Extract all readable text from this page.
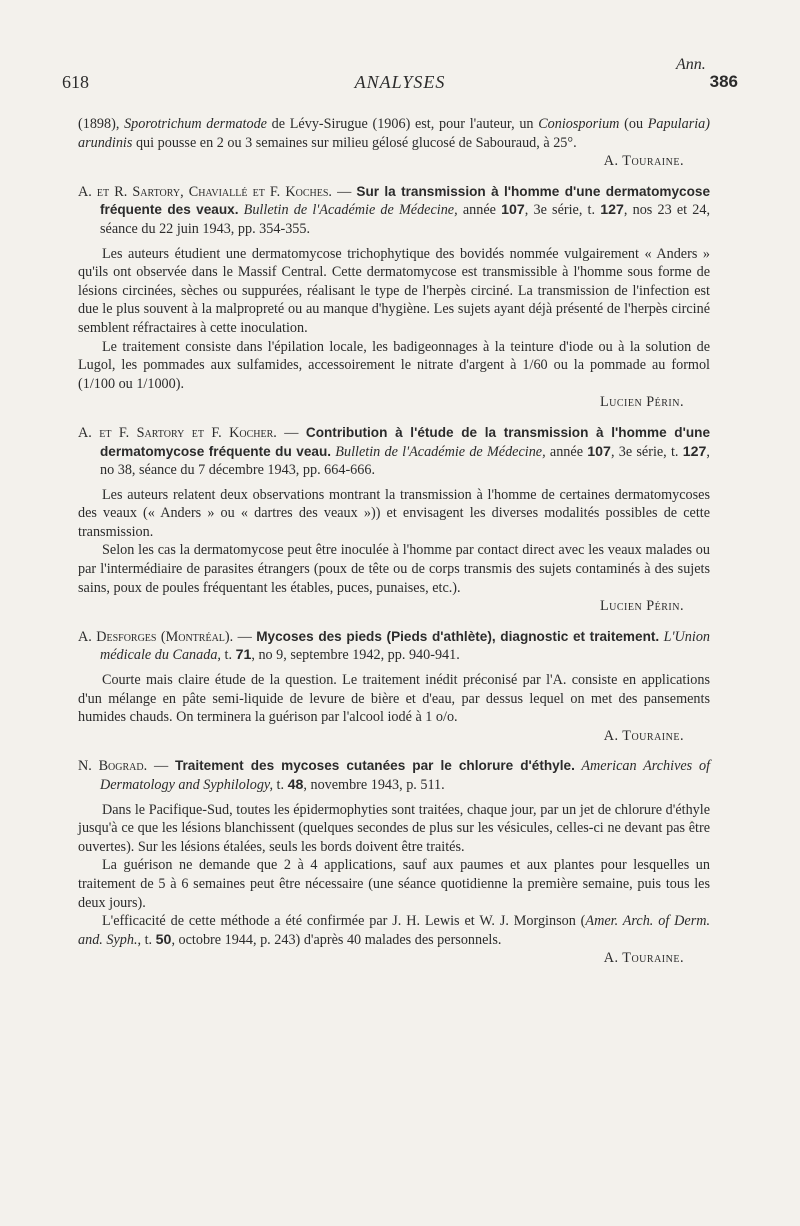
Ann.
618	ANALYSES	386

(1898), Sporotrichum dermatode de Lévy-Sirugue (1906) est, pour l'auteur, un Coniosporium (ou Papularia) arundinis qui pousse en 2 ou 3 semaines sur milieu gélosé glucosé de Sabouraud, à 25°.

A. Touraine.

A. et R. Sartory, Chaviallé et F. Koches. — Sur la transmission à l'homme d'une dermatomycose fréquente des veaux. Bulletin de l'Académie de Médecine, année 107, 3e série, t. 127, nos 23 et 24, séance du 22 juin 1943, pp. 354-355.

Les auteurs étudient une dermatomycose trichophytique des bovidés nommée vulgairement « Anders » qu'ils ont observée dans le Massif Central. Cette dermatomycose est transmissible à l'homme sous forme de lésions circinées, sèches ou suppurées, réalisant le type de l'herpès circiné. La transmission de l'infection est due le plus souvent à la malpropreté ou au manque d'hygiène. Les sujets ayant déjà présenté de l'herpès circiné semblent réfractaires à cette inoculation.

Le traitement consiste dans l'épilation locale, les badigeonnages à la teinture d'iode ou à la solution de Lugol, les pommades aux sulfamides, accessoirement le nitrate d'argent à 1/60 ou la pommade au formol (1/100 ou 1/1000).

Lucien Périn.

A. et F. Sartory et F. Kocher. — Contribution à l'étude de la transmission à l'homme d'une dermatomycose fréquente du veau. Bulletin de l'Académie de Médecine, année 107, 3e série, t. 127, no 38, séance du 7 décembre 1943, pp. 664-666.

Les auteurs relatent deux observations montrant la transmission à l'homme de certaines dermatomycoses des veaux (« Anders » ou « dartres des veaux »)) et envisagent les diverses modalités possibles de cette transmission.

Selon les cas la dermatomycose peut être inoculée à l'homme par contact direct avec les veaux malades ou par l'intermédiaire de parasites étrangers (poux de tête ou de corps transmis des sujets contaminés à des sujets sains, poux de poules fréquentant les étables, puces, punaises, etc.).

Lucien Périn.

A. Desforges (Montréal). — Mycoses des pieds (Pieds d'athlète), diagnostic et traitement. L'Union médicale du Canada, t. 71, no 9, septembre 1942, pp. 940-941.

Courte mais claire étude de la question. Le traitement inédit préconisé par l'A. consiste en applications d'un mélange en pâte semi-liquide de levure de bière et d'eau, par dessus lequel on met des pansements humides chauds. On terminera la guérison par l'alcool iodé à 1 o/o.

A. Touraine.

N. Bograd. — Traitement des mycoses cutanées par le chlorure d'éthyle. American Archives of Dermatology and Syphilology, t. 48, novembre 1943, p. 511.

Dans le Pacifique-Sud, toutes les épidermophyties sont traitées, chaque jour, par un jet de chlorure d'éthyle jusqu'à ce que les lésions blanchissent (quelques secondes de plus sur les vésicules, celles-ci ne devant pas être ouvertes). Sur les lésions étalées, seuls les bords doivent être traités.

La guérison ne demande que 2 à 4 applications, sauf aux paumes et aux plantes pour lesquelles un traitement de 5 à 6 semaines peut être nécessaire (une séance quotidienne la première semaine, puis tous les deux jours).

L'efficacité de cette méthode a été confirmée par J. H. Lewis et W. J. Morginson (Amer. Arch. of Derm. and. Syph., t. 50, octobre 1944, p. 243) d'après 40 malades des personnels.

A. Touraine.
